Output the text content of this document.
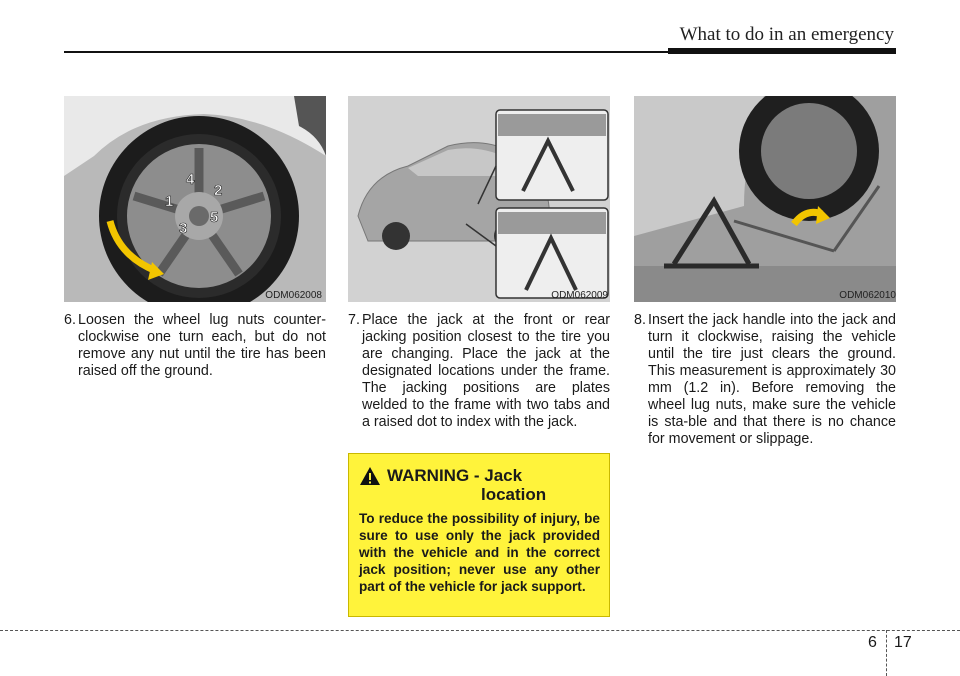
What to do in an emergency
1
2
3
4
5
ODM062008	ODM062009	ODM062010
6. Loosen the wheel lug nuts counter-clockwise one turn each, but do not remove any nut until the tire has been raised off the ground.
7. Place the jack at the front or rear jacking position closest to the tire you are changing. Place the jack at the designated locations under the frame. The jacking positions are plates welded to the frame with two tabs and a raised dot to index with the jack.
8. Insert the jack handle into the jack and turn it clockwise, raising the vehicle until the tire just clears the ground. This measurement is approximately 30 mm (1.2 in). Before removing the wheel lug nuts, make sure the vehicle is sta-ble and that there is no chance for movement or slippage.
WARNING - Jack
location
To reduce the possibility of injury, be sure to use only the jack provided with the vehicle and in the correct jack position; never use any other part of the vehicle for jack support.
6 17
